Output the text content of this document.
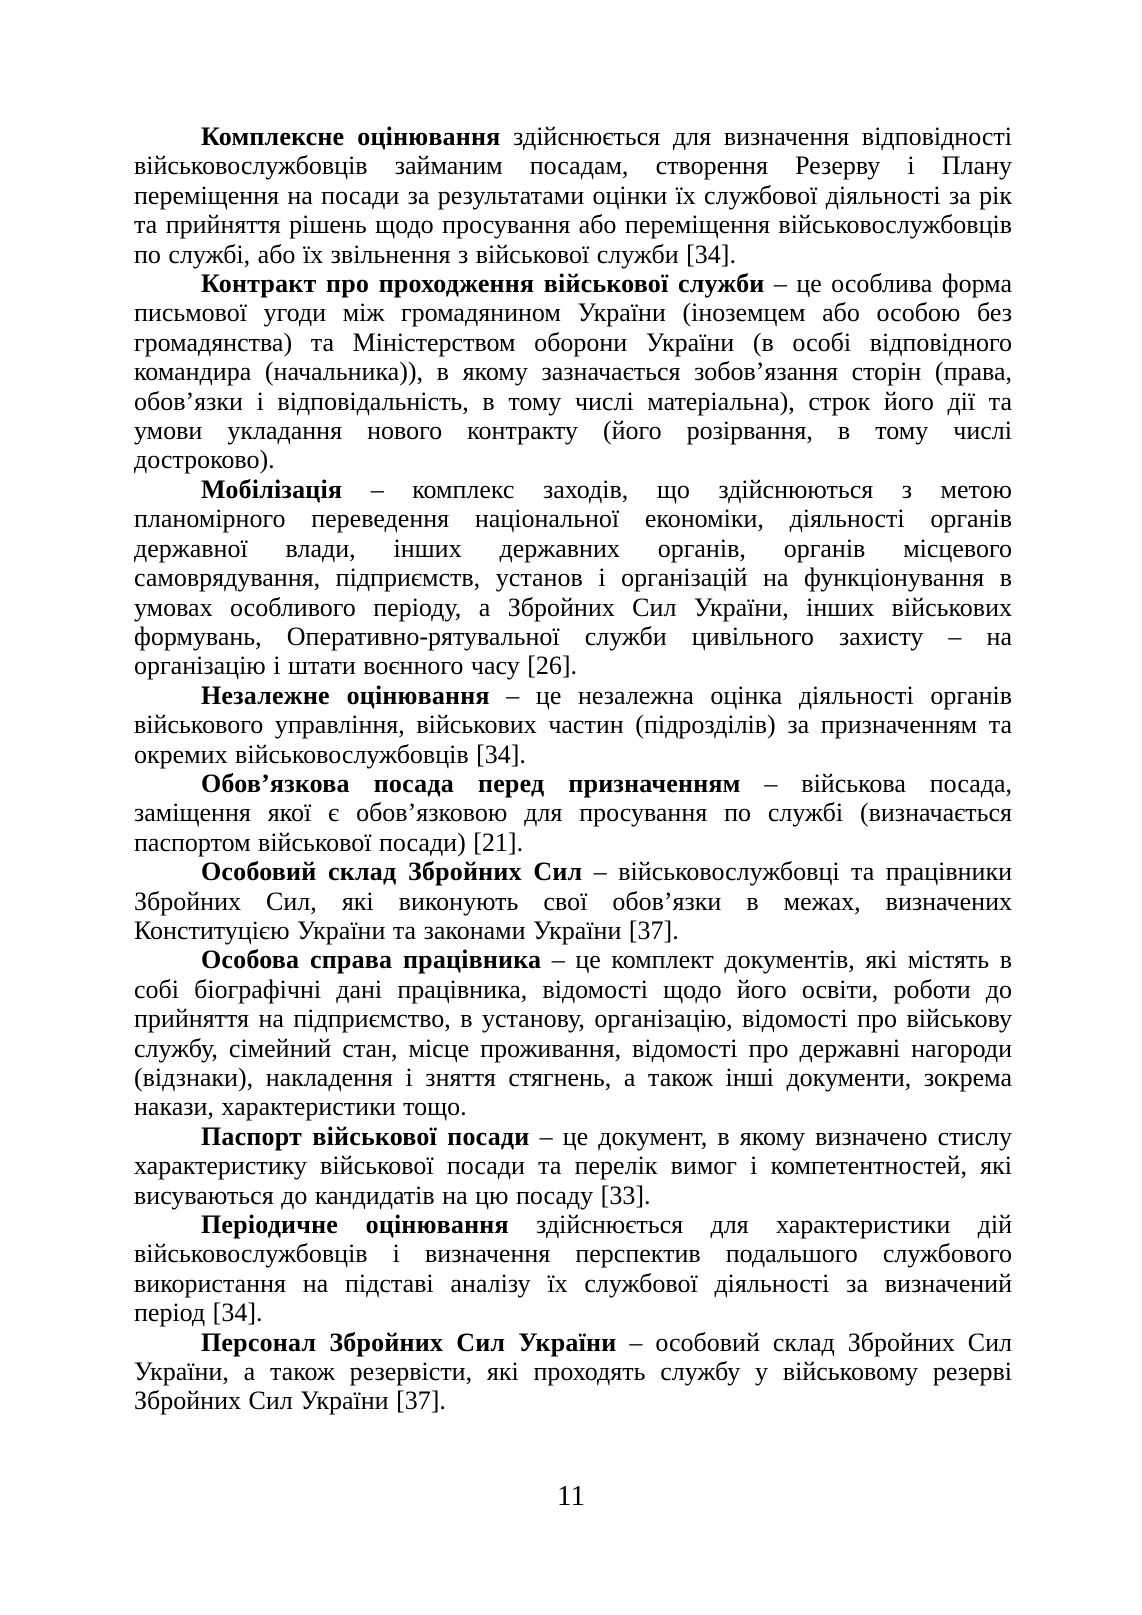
Комплексне оцінювання здійснюється для визначення відповідності військовослужбовців займаним посадам, створення Резерву і Плану переміщення на посади за результатами оцінки їх службової діяльності за рік та прийняття рішень щодо просування або переміщення військовослужбовців по службі, або їх звільнення з військової служби [34].

Контракт про проходження військової служби – це особлива форма письмової угоди між громадянином України (іноземцем або особою без громадянства) та Міністерством оборони України (в особі відповідного командира (начальника)), в якому зазначається зобов’язання сторін (права, обов’язки і відповідальність, в тому числі матеріальна), строк його дії та умови укладання нового контракту (його розірвання, в тому числі достроково).

Мобілізація – комплекс заходів, що здійснюються з метою планомірного переведення національної економіки, діяльності органів державної влади, інших державних органів, органів місцевого самоврядування, підприємств, установ і організацій на функціонування в умовах особливого періоду, а Збройних Сил України, інших військових формувань, Оперативно-рятувальної служби цивільного захисту – на організацію і штати воєнного часу [26].

Незалежне оцінювання – це незалежна оцінка діяльності органів військового управління, військових частин (підрозділів) за призначенням та окремих військовослужбовців [34].

Обов’язкова посада перед призначенням – військова посада, заміщення якої є обов’язковою для просування по службі (визначається паспортом військової посади) [21].

Особовий склад Збройних Сил – військовослужбовці та працівники Збройних Сил, які виконують свої обов’язки в межах, визначених Конституцією України та законами України [37].

Особова справа працівника – це комплект документів, які містять в собі біографічні дані працівника, відомості щодо його освіти, роботи до прийняття на підприємство, в установу, організацію, відомості про військову службу, сімейний стан, місце проживання, відомості про державні нагороди (відзнаки), накладення і зняття стягнень, а також інші документи, зокрема накази, характеристики тощо.

Паспорт військової посади – це документ, в якому визначено стислу характеристику військової посади та перелік вимог і компетентностей, які висуваються до кандидатів на цю посаду [33].

Періодичне оцінювання здійснюється для характеристики дій військовослужбовців і визначення перспектив подальшого службового використання на підставі аналізу їх службової діяльності за визначений період [34].

Персонал Збройних Сил України – особовий склад Збройних Сил України, а також резервісти, які проходять службу у військовому резерві Збройних Сил України [37].

11
